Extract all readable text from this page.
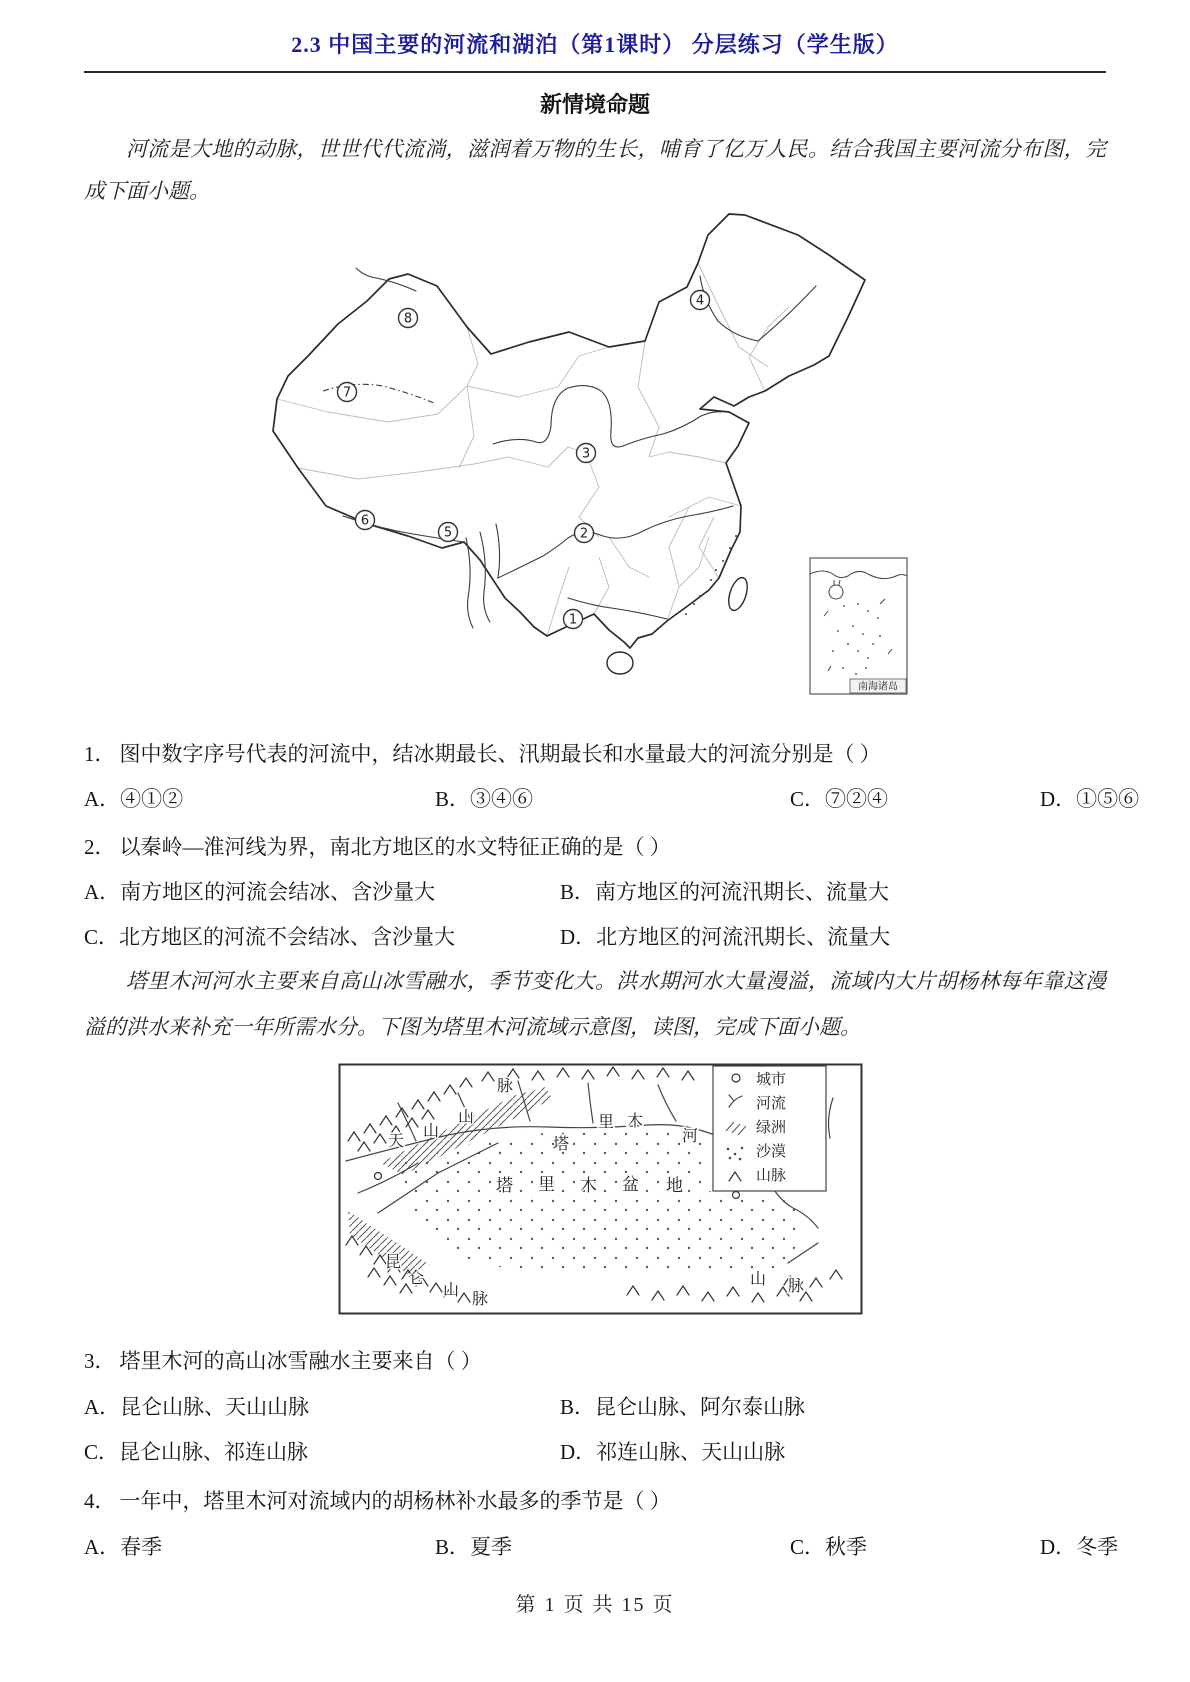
2.3 中国主要的河流和湖泊（第1课时） 分层练习（学生版）
新情境命题
河流是大地的动脉，世世代代流淌，滋润着万物的生长，哺育了亿万人民。结合我国主要河流分布图，完成下面小题。
1
2
3
4
5
6
7
8
南海诸岛
1． 图中数字序号代表的河流中，结冰期最长、汛期最长和水量最大的河流分别是（ ）
A．④①②	B．③④⑥	C．⑦②④	D．①⑤⑥
2． 以秦岭—淮河线为界，南北方地区的水文特征正确的是（ ）
A．南方地区的河流会结冰、含沙量大	B．南方地区的河流汛期长、流量大
C．北方地区的河流不会结冰、含沙量大	D．北方地区的河流汛期长、流量大
塔里木河河水主要来自高山冰雪融水，季节变化大。洪水期河水大量漫溢，流域内大片胡杨林每年靠这漫溢的洪水来补充一年所需水分。下图为塔里木河流域示意图，读图，完成下面小题。
天
山
山
脉
塔
里 木
河
塔 里 木 盆 地
昆
仑
山
脉
山 脉
城市
河流
绿洲
沙漠
山脉
3． 塔里木河的高山冰雪融水主要来自（ ）
A．昆仑山脉、天山山脉	B．昆仑山脉、阿尔泰山脉
C．昆仑山脉、祁连山脉	D．祁连山脉、天山山脉
4． 一年中，塔里木河对流域内的胡杨林补水最多的季节是（ ）
A．春季	B．夏季	C．秋季	D．冬季
第 1 页 共 15 页
